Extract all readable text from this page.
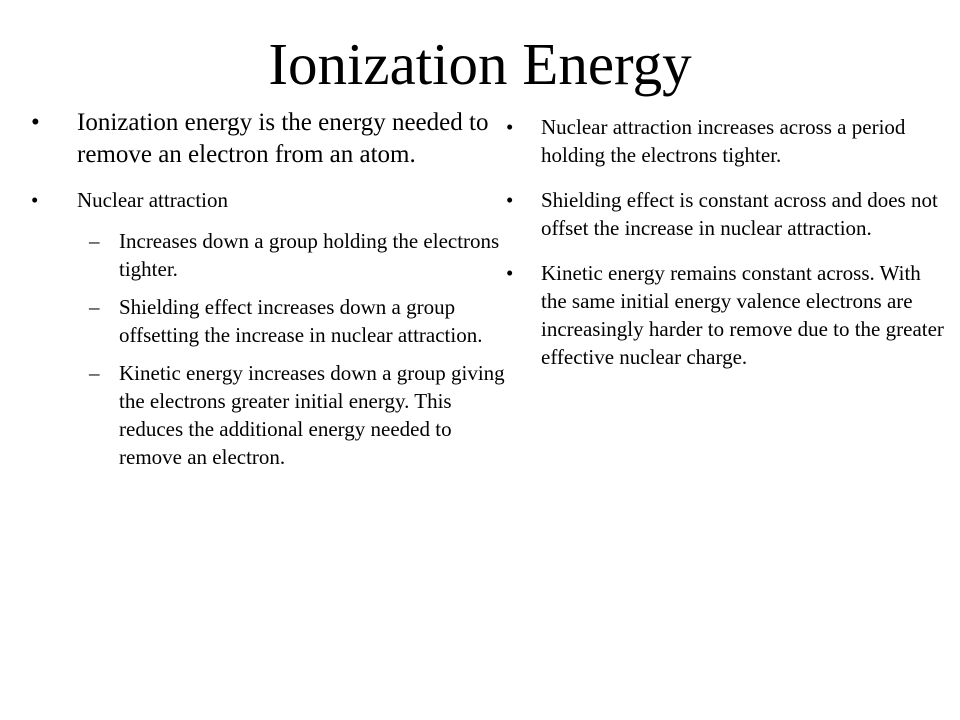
Ionization Energy
• Ionization energy is the energy needed to remove an electron from an atom.
• Nuclear attraction
– Increases down a group holding the electrons tighter.
– Shielding effect increases down a group offsetting the increase in nuclear attraction.
– Kinetic energy increases down a group giving the electrons greater initial energy. This reduces the additional energy needed to remove an electron.
• Nuclear attraction increases across a period holding the electrons tighter.
• Shielding effect is constant across and does not offset the increase in nuclear attraction.
• Kinetic energy remains constant across. With the same initial energy valence electrons are increasingly harder to remove due to the greater effective nuclear charge.
